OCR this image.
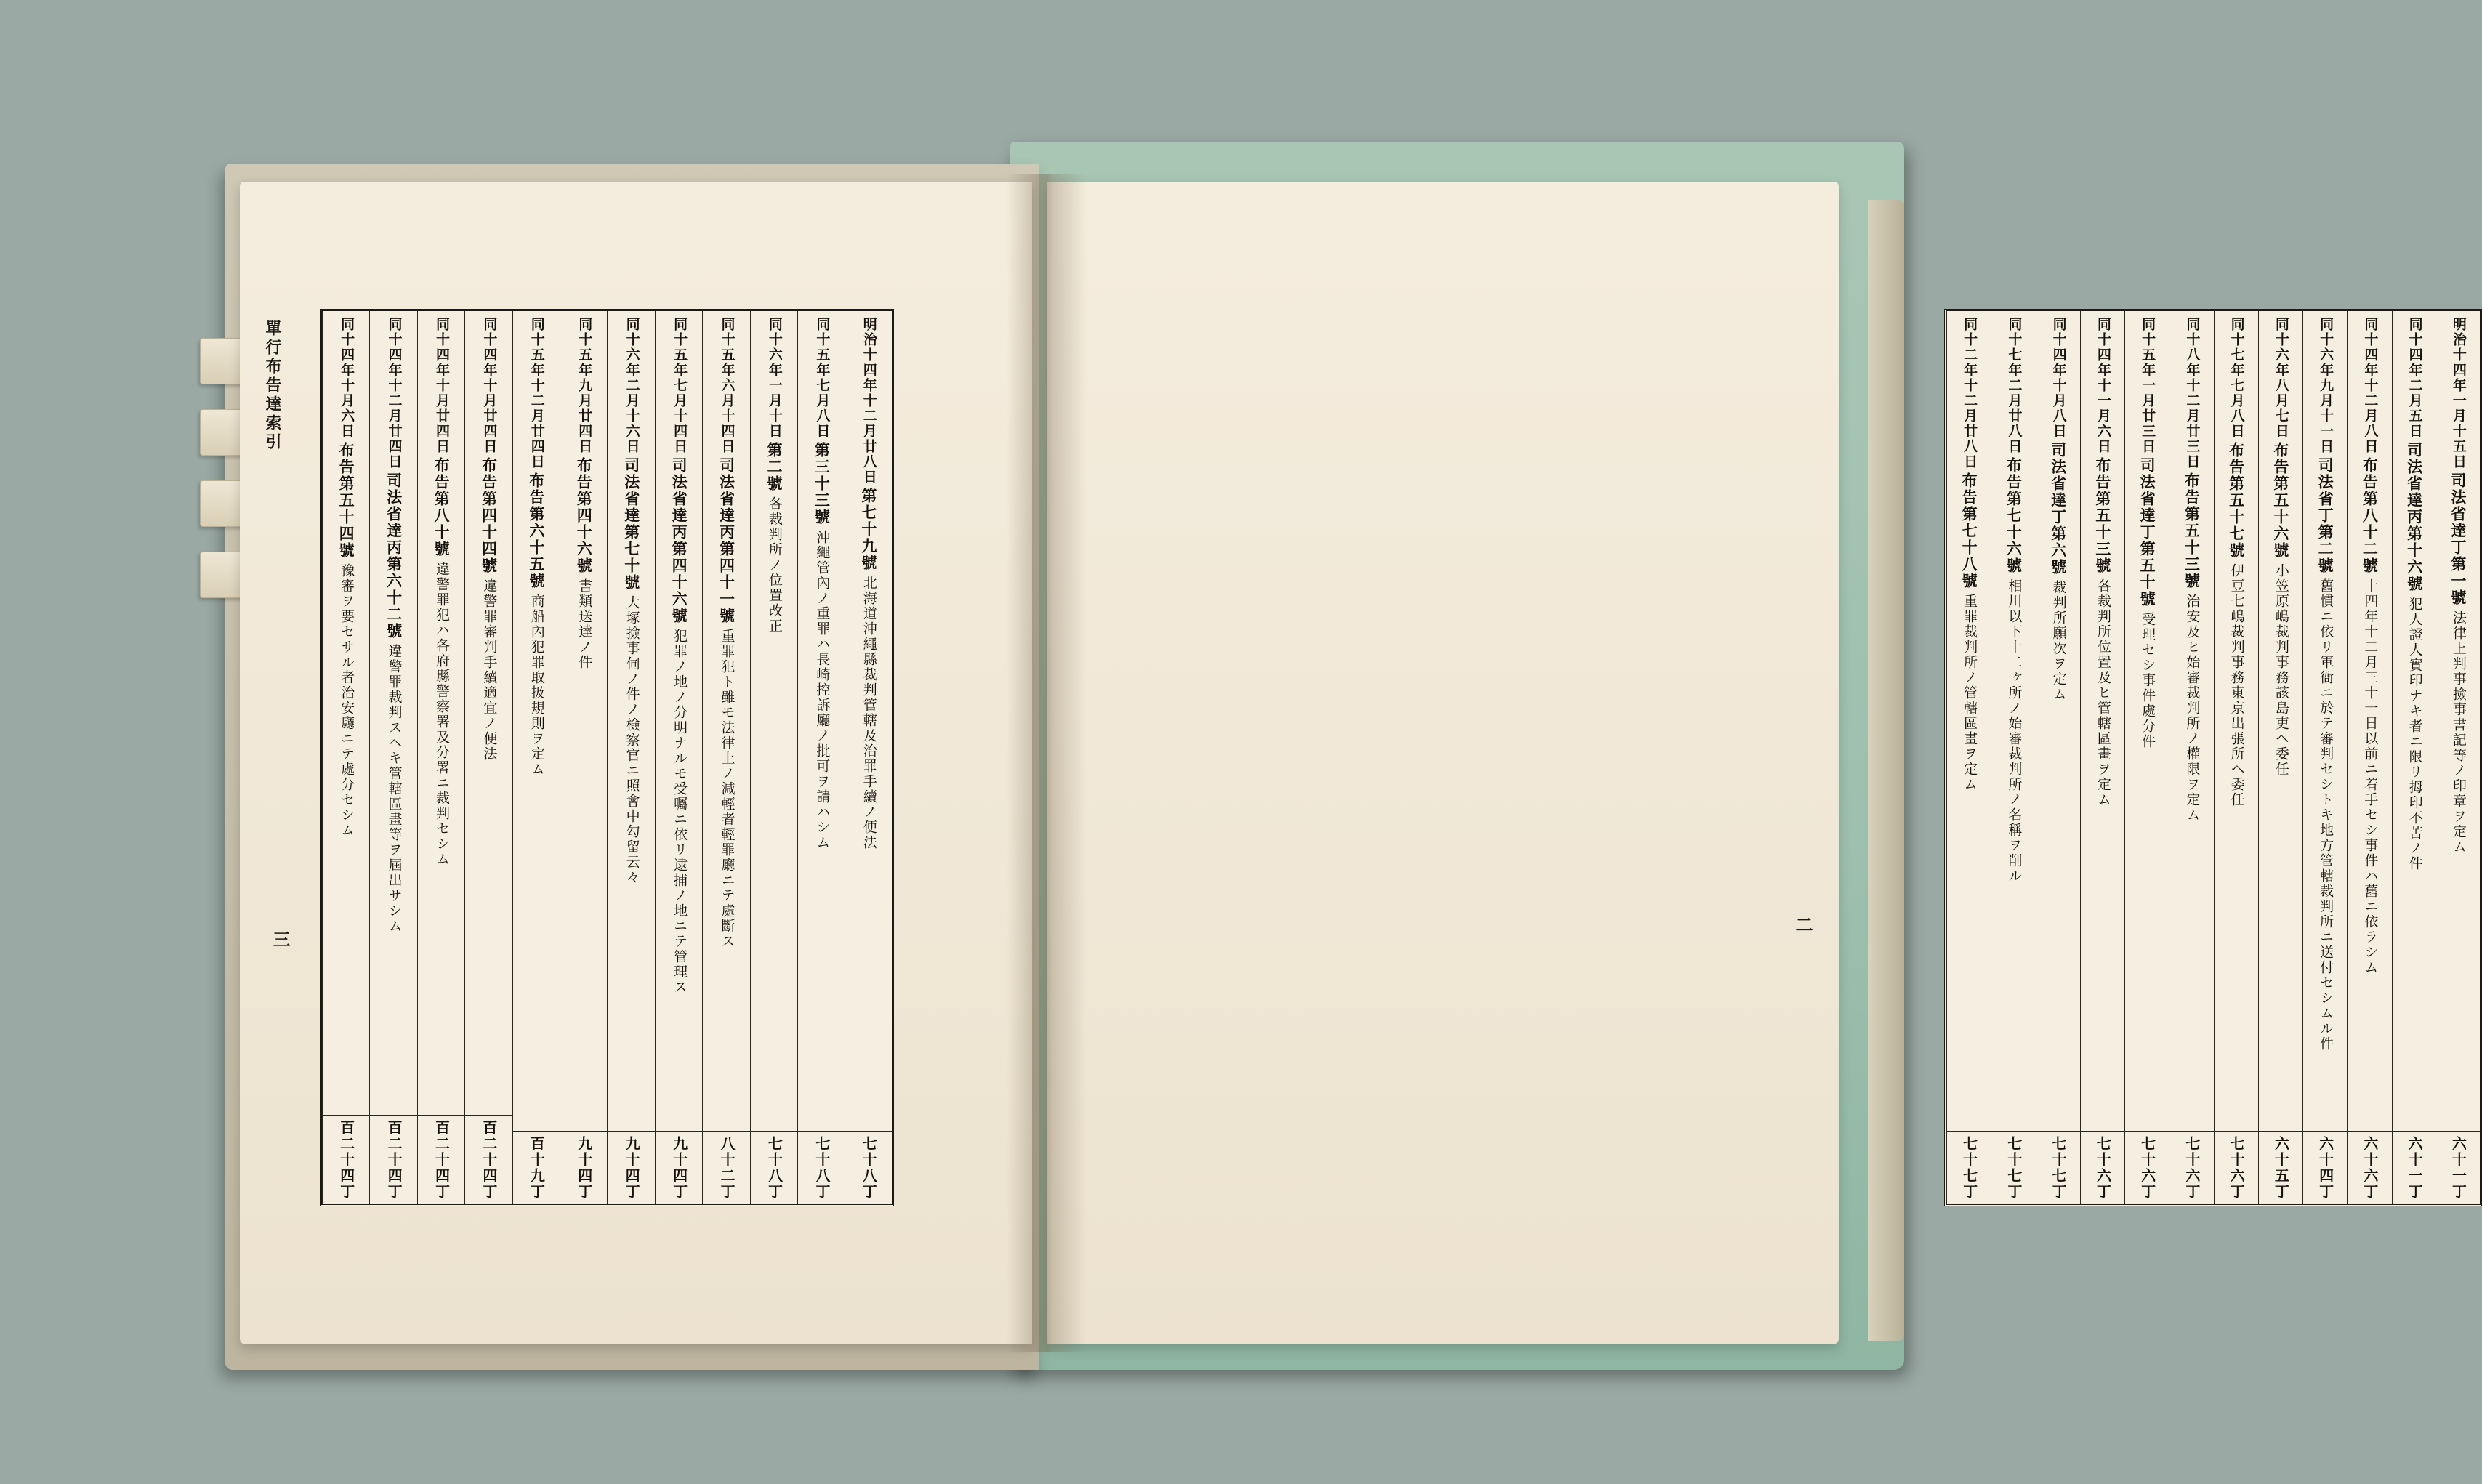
單行布告達索引
三
明治十四年十二月廿八日
第七十九號
北海道沖繩縣裁判管轄及治罪手續ノ便法
七十八丁
同十五年七月八日
第三十三號
沖繩管內ノ重罪ハ長崎控訴廳ノ批可ヲ請ハシム
七十八丁
同十六年一月十日
第二號
各裁判所ノ位置改正
七十八丁
同十五年六月十四日
司法省達丙第四十一號
重罪犯ト雖モ法律上ノ減輕者輕罪廳ニテ處斷ス
八十二丁
同十五年七月十四日
司法省達丙第四十六號
犯罪ノ地ノ分明ナルモ受囑ニ依リ逮捕ノ地ニテ管理ス
九十四丁
同十六年二月十六日
司法省達第七十號
大塚撿事伺ノ件ノ檢察官ニ照會中勾留云々
九十四丁
同十五年九月廿四日
布告第四十六號
書類送達ノ件
九十四丁
同十五年十二月廿四日
布告第六十五號
商船內犯罪取扱規則ヲ定ム
百十九丁
同十四年十月廿四日
布告第四十四號
違警罪審判手續適宜ノ便法
百二十四丁
同十四年十月廿四日
布告第八十號
違警罪犯ハ各府縣警察署及分署ニ裁判セシム
百二十四丁
同十四年十二月廿四日
司法省達丙第六十二號
違警罪裁判スヘキ管轄區畫等ヲ屆出サシム
百二十四丁
同十四年十月六日
布告第五十四號
豫審ヲ要セサル者治安廳ニテ處分セシム
百二十四丁
二
明治十四年一月十五日
司法省達丁第一號
法律上判事撿事書記等ノ印章ヲ定ム
六十一丁
同十四年二月五日
司法省達丙第十六號
犯人證人實印ナキ者ニ限リ拇印不苦ノ件
六十一丁
同十四年十二月八日
布告第八十二號
十四年十二月三十一日以前ニ着手セシ事件ハ舊ニ依ラシム
六十六丁
同十六年九月十一日
司法省丁第二號
舊慣ニ依リ軍衙ニ於テ審判セシトキ地方管轄裁判所ニ送付セシムル件
六十四丁
同十六年八月七日
布告第五十六號
小笠原嶋裁判事務該島吏ヘ委任
六十五丁
同十七年七月八日
布告第五十七號
伊豆七嶋裁判事務東京出張所ヘ委任
七十六丁
同十八年十二月廿三日
布告第五十三號
治安及ヒ始審裁判所ノ權限ヲ定ム
七十六丁
同十五年一月廿三日
司法省達丁第五十號
受理セシ事件處分件
七十六丁
同十四年十一月六日
布告第五十三號
各裁判所位置及ヒ管轄區畫ヲ定ム
七十六丁
同十四年十月八日
司法省達丁第六號
裁判所願次ヲ定ム
七十七丁
同十七年二月廿八日
布告第七十六號
相川以下十二ヶ所ノ始審裁判所ノ名稱ヲ削ル
七十七丁
同十二年十二月廿八日
布告第七十八號
重罪裁判所ノ管轄區畫ヲ定ム
七十七丁
